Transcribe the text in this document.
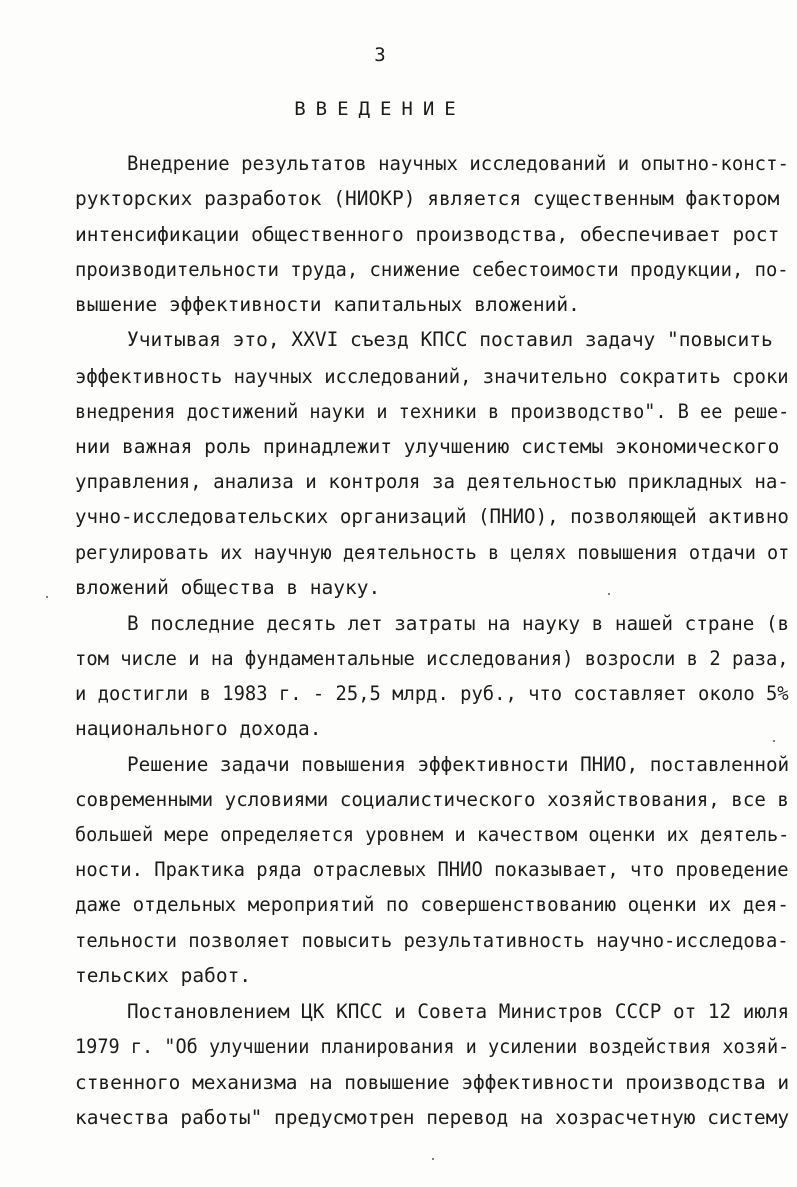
3
ВВЕДЕНИЕ
Внедрение результатов научных исследований и опытно-конст-
рукторских разработок (НИОКР) является существенным фактором
интенсификации общественного производства, обеспечивает рост
производительности труда, снижение себестоимости продукции, по-
вышение эффективности капитальных вложений.
Учитывая это, XXVI съезд КПСС поставил задачу "повысить
эффективность научных исследований, значительно сократить сроки
внедрения достижений науки и техники в производство". В ее реше-
нии важная роль принадлежит улучшению системы экономического
управления, анализа и контроля за деятельностью прикладных на-
учно-исследовательских организаций (ПНИО), позволяющей активно
регулировать их научную деятельность в целях повышения отдачи от
вложений общества в науку.
В последние десять лет затраты на науку в нашей стране (в
том числе и на фундаментальные исследования) возросли в 2 раза,
и достигли в 1983 г. - 25,5 млрд. руб., что составляет около 5%
национального дохода.
Решение задачи повышения эффективности ПНИО, поставленной
современными условиями социалистического хозяйствования, все в
большей мере определяется уровнем и качеством оценки их деятель-
ности. Практика ряда отраслевых ПНИО показывает, что проведение
даже отдельных мероприятий по совершенствованию оценки их дея-
тельности позволяет повысить результативность научно-исследова-
тельских работ.
Постановлением ЦК КПСС и Совета Министров СССР от 12 июля
1979 г. "Об улучшении планирования и усилении воздействия хозяй-
ственного механизма на повышение эффективности производства и
качества работы" предусмотрен перевод на хозрасчетную систему
